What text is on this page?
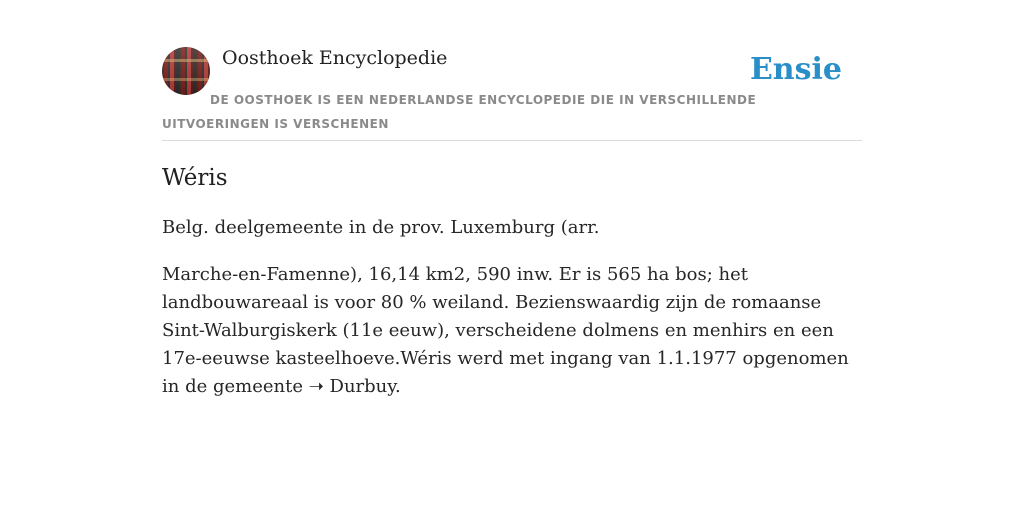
Oosthoek Encyclopedie	Ensie

DE OOSTHOEK IS EEN NEDERLANDSE ENCYCLOPEDIE DIE IN VERSCHILLENDE UITVOERINGEN IS VERSCHENEN

Wéris

Belg. deelgemeente in de prov. Luxemburg (arr.

Marche-en-Famenne), 16,14 km2, 590 inw. Er is 565 ha bos; het landbouwareaal is voor 80 % weiland. Bezienswaardig zijn de romaanse Sint-Walburgiskerk (11e eeuw), verscheidene dolmens en menhirs en een 17e-eeuwse kasteelhoeve.Wéris werd met ingang van 1.1.1977 opgenomen in de gemeente ➝ Durbuy.
